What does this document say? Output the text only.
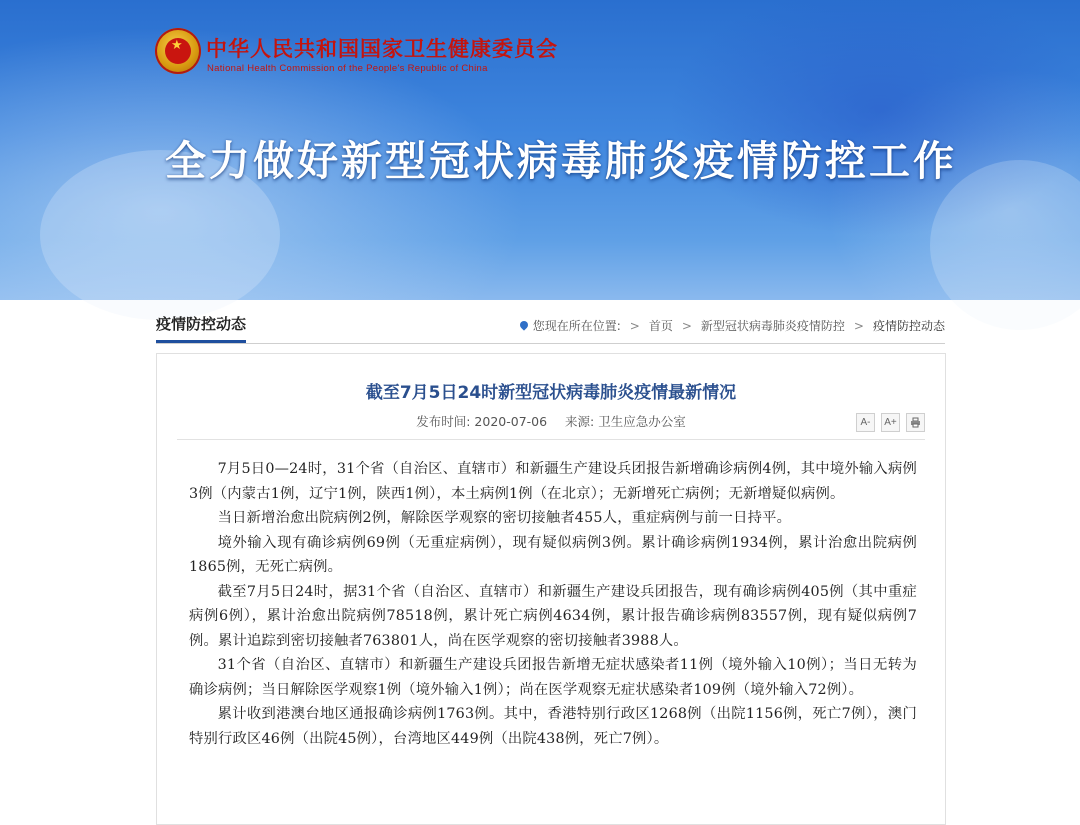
★ 中华人民共和国国家卫生健康委员会
National Health Commission of the People's Republic of China
全力做好新型冠状病毒肺炎疫情防控工作
疫情防控动态	您现在所在位置: > 首页 > 新型冠状病毒肺炎疫情防控 > 疫情防控动态
截至7月5日24时新型冠状病毒肺炎疫情最新情况
发布时间: 2020-07-06 来源: 卫生应急办公室	A-	A+

7月5日0—24时，31个省（自治区、直辖市）和新疆生产建设兵团报告新增确诊病例4例，其中境外输入病例3例（内蒙古1例，辽宁1例，陕西1例），本土病例1例（在北京）；无新增死亡病例；无新增疑似病例。

当日新增治愈出院病例2例，解除医学观察的密切接触者455人，重症病例与前一日持平。

境外输入现有确诊病例69例（无重症病例），现有疑似病例3例。累计确诊病例1934例，累计治愈出院病例1865例，无死亡病例。

截至7月5日24时，据31个省（自治区、直辖市）和新疆生产建设兵团报告，现有确诊病例405例（其中重症病例6例），累计治愈出院病例78518例，累计死亡病例4634例，累计报告确诊病例83557例，现有疑似病例7例。累计追踪到密切接触者763801人，尚在医学观察的密切接触者3988人。

31个省（自治区、直辖市）和新疆生产建设兵团报告新增无症状感染者11例（境外输入10例）；当日无转为确诊病例；当日解除医学观察1例（境外输入1例）；尚在医学观察无症状感染者109例（境外输入72例）。

累计收到港澳台地区通报确诊病例1763例。其中，香港特别行政区1268例（出院1156例，死亡7例），澳门特别行政区46例（出院45例），台湾地区449例（出院438例，死亡7例）。
